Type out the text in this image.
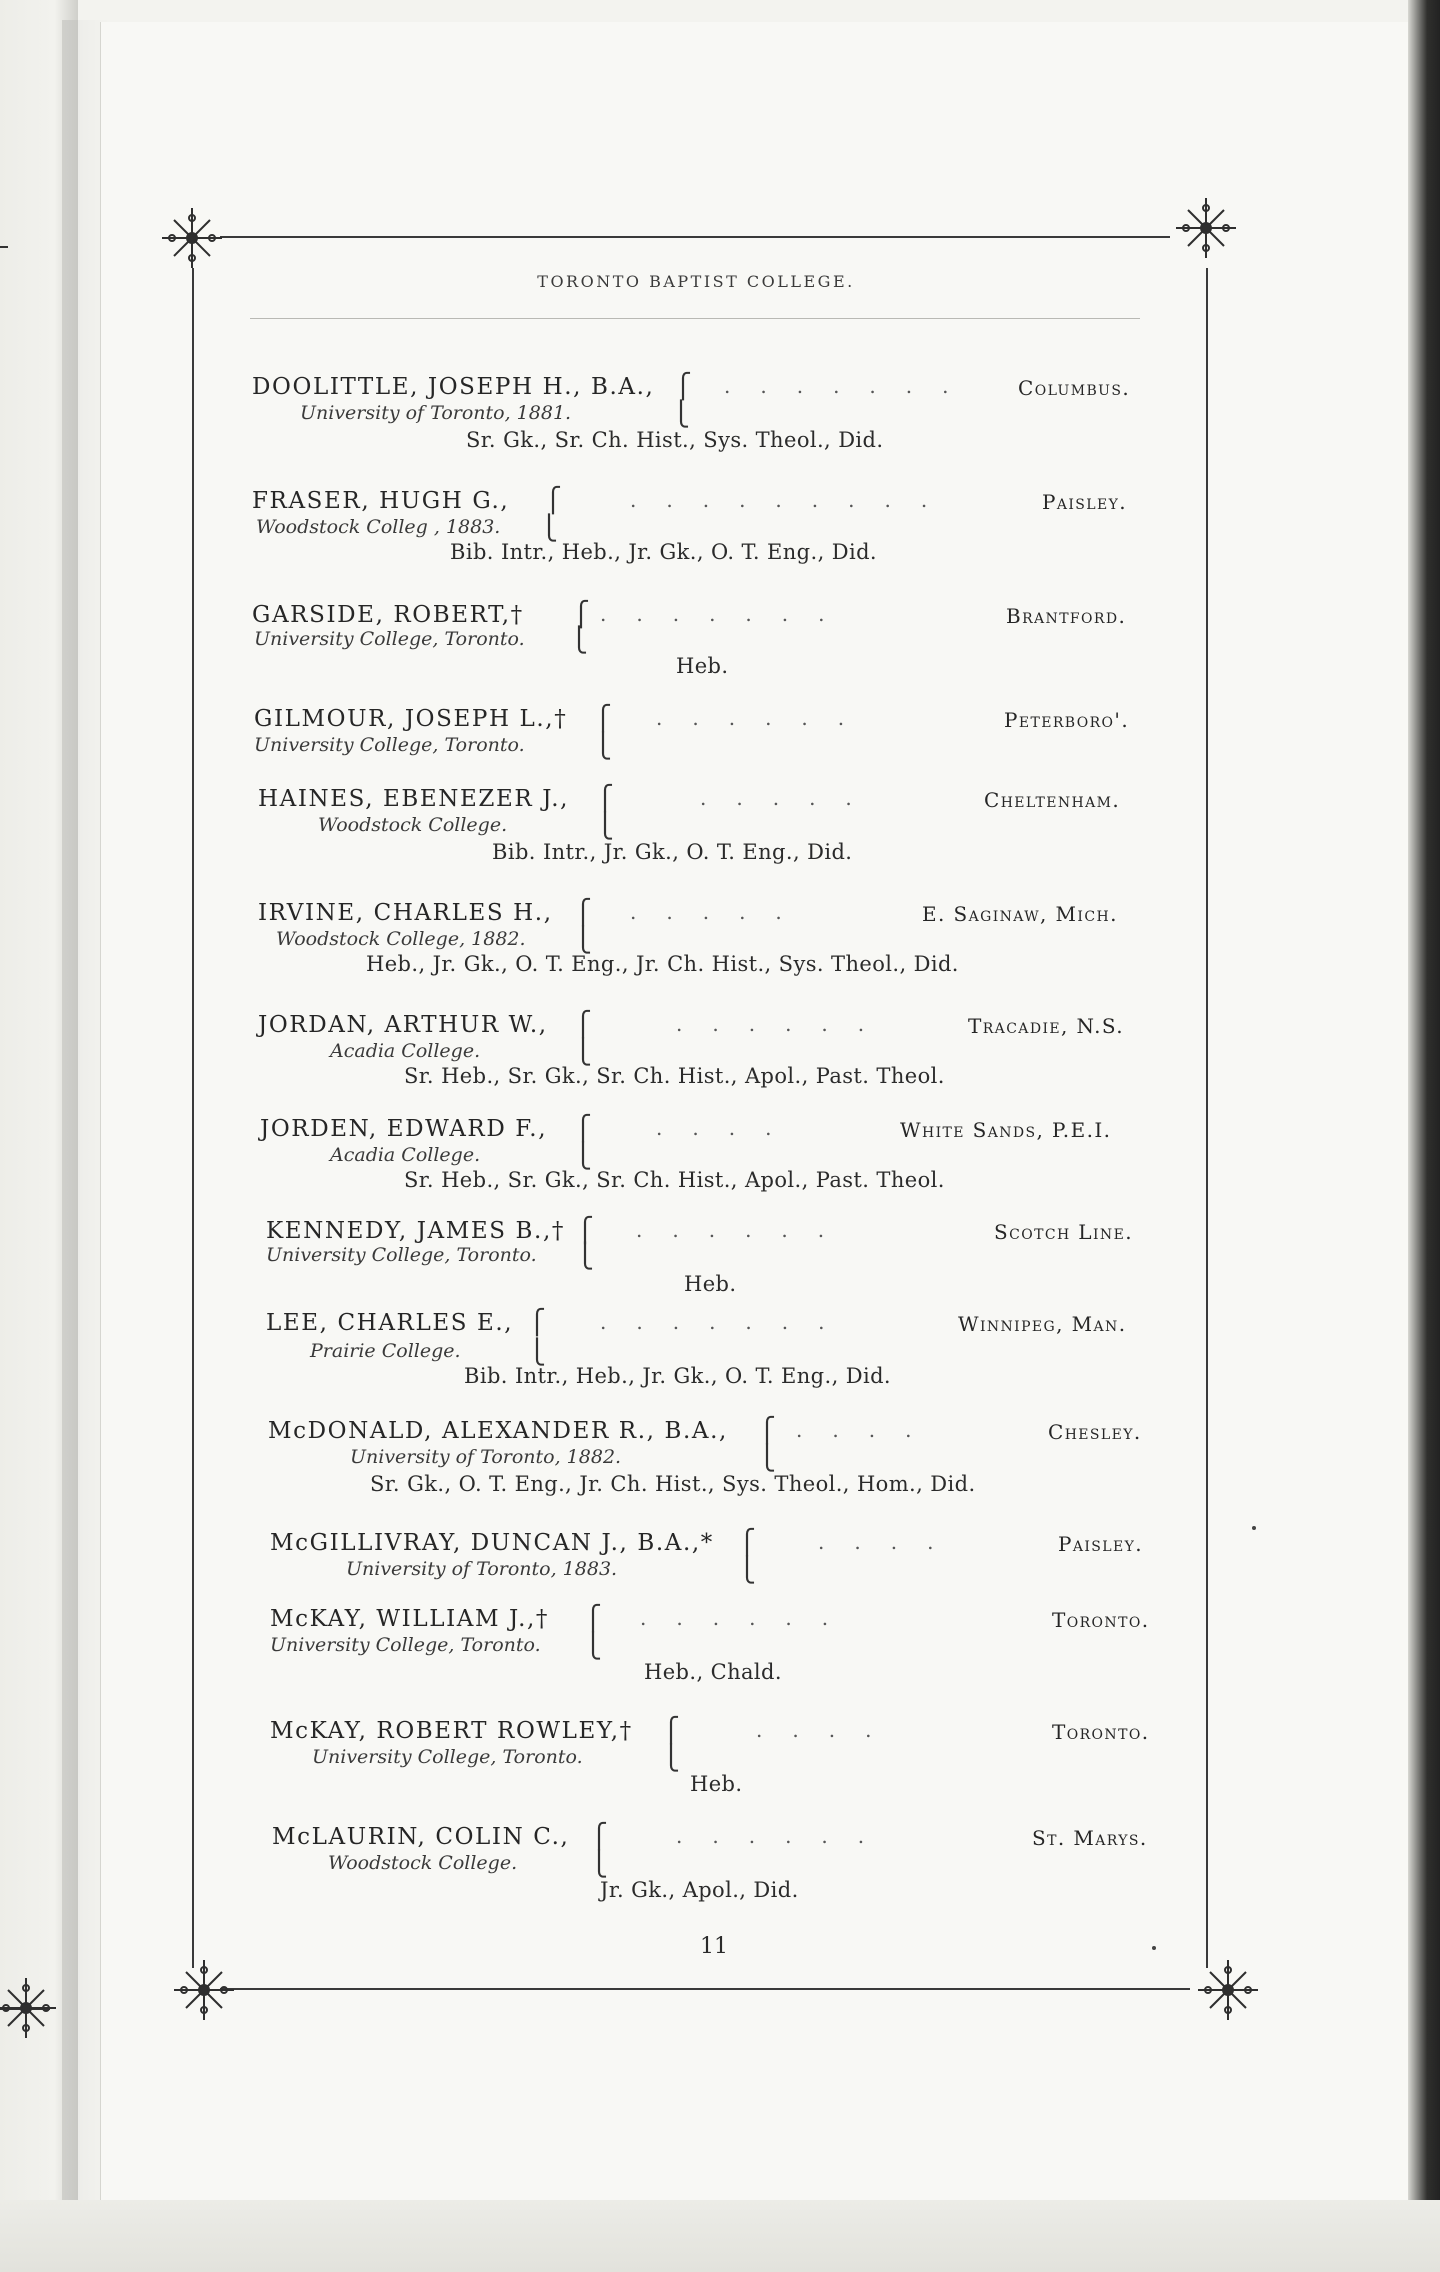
TORONTO BAPTIST COLLEGE.
DOOLITTLE, JOSEPH H., B.A., ⎧ ....... Columbus.
University of Toronto, 1881.	⎩
Sr. Gk., Sr. Ch. Hist., Sys. Theol., Did.
FRASER, HUGH G., ⎧	.........	Paisley.
Woodstock Colleg , 1883. ⎩
Bib. Intr., Heb., Jr. Gk., O. T. Eng., Did.
GARSIDE, ROBERT,† ⎧ .......	Brantford.
University College, Toronto. ⎩
Heb.
GILMOUR, JOSEPH L.,† ⎧ ......	Peterboro'.
University College, Toronto.	⎩
HAINES, EBENEZER J., ⎧	.....	Cheltenham.
Woodstock College.	⎩
Bib. Intr., Jr. Gk., O. T. Eng., Did.
IRVINE, CHARLES H., ⎧ .....	E. Saginaw, Mich.
Woodstock College, 1882. ⎩
Heb., Jr. Gk., O. T. Eng., Jr. Ch. Hist., Sys. Theol., Did.
JORDAN, ARTHUR W., ⎧	......	Tracadie, N.S.
Acadia College.	⎩
Sr. Heb., Sr. Gk., Sr. Ch. Hist., Apol., Past. Theol.
JORDEN, EDWARD F., ⎧	....	White Sands, P.E.I.
Acadia College.	⎩
Sr. Heb., Sr. Gk., Sr. Ch. Hist., Apol., Past. Theol.
KENNEDY, JAMES B.,† ⎧ ......	Scotch Line.
University College, Toronto. ⎩
Heb.
LEE, CHARLES E., ⎧	.......	Winnipeg, Man.
Prairie College.	⎩
Bib. Intr., Heb., Jr. Gk., O. T. Eng., Did.
McDONALD, ALEXANDER R., B.A., ⎧ ....	Chesley.
University of Toronto, 1882.	⎩
Sr. Gk., O. T. Eng., Jr. Ch. Hist., Sys. Theol., Hom., Did.
McGILLIVRAY, DUNCAN J., B.A.,* ⎧	....	Paisley.
University of Toronto, 1883.	⎩
McKAY, WILLIAM J.,† ⎧ ......	Toronto.
University College, Toronto. ⎩
Heb., Chald.
McKAY, ROBERT ROWLEY,† ⎧	....	Toronto.
University College, Toronto.	⎩
Heb.
McLAURIN, COLIN C., ⎧	......	St. Marys.
Woodstock College.	⎩
Jr. Gk., Apol., Did.
11
